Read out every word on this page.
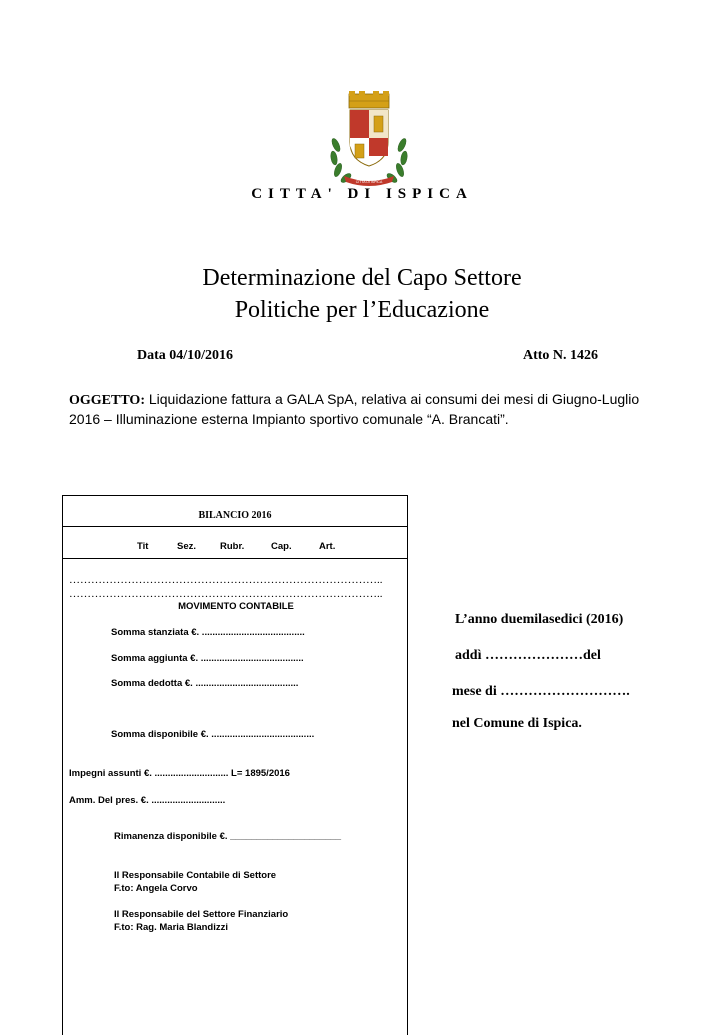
CITTA DI ISPICA
CITTA' DI ISPICA
Determinazione del Capo Settore
Politiche per l’Educazione
Data 04/10/2016	Atto N. 1426
OGGETTO: Liquidazione fattura a GALA SpA, relativa ai consumi dei mesi di Giugno-Luglio 2016 – Illuminazione esterna Impianto sportivo comunale “A. Brancati”.
BILANCIO 2016
Tit	Sez.	Rubr.	Cap.	Art.
…………………………………………………………………………..
…………………………………………………………………………..
MOVIMENTO CONTABILE
Somma stanziata €. .......................................
Somma aggiunta €. .......................................
Somma dedotta €. .......................................
Somma disponibile €. .......................................
Impegni assunti €. ............................ L= 1895/2016
Amm. Del pres. €. ............................
Rimanenza disponibile €. _____________________
Il Responsabile Contabile di Settore
F.to: Angela Corvo
Il Responsabile del Settore Finanziario
F.to: Rag. Maria Blandizzi
L’anno duemilasedici (2016)
addì …………………del
mese di ……………………….
nel Comune di Ispica.
